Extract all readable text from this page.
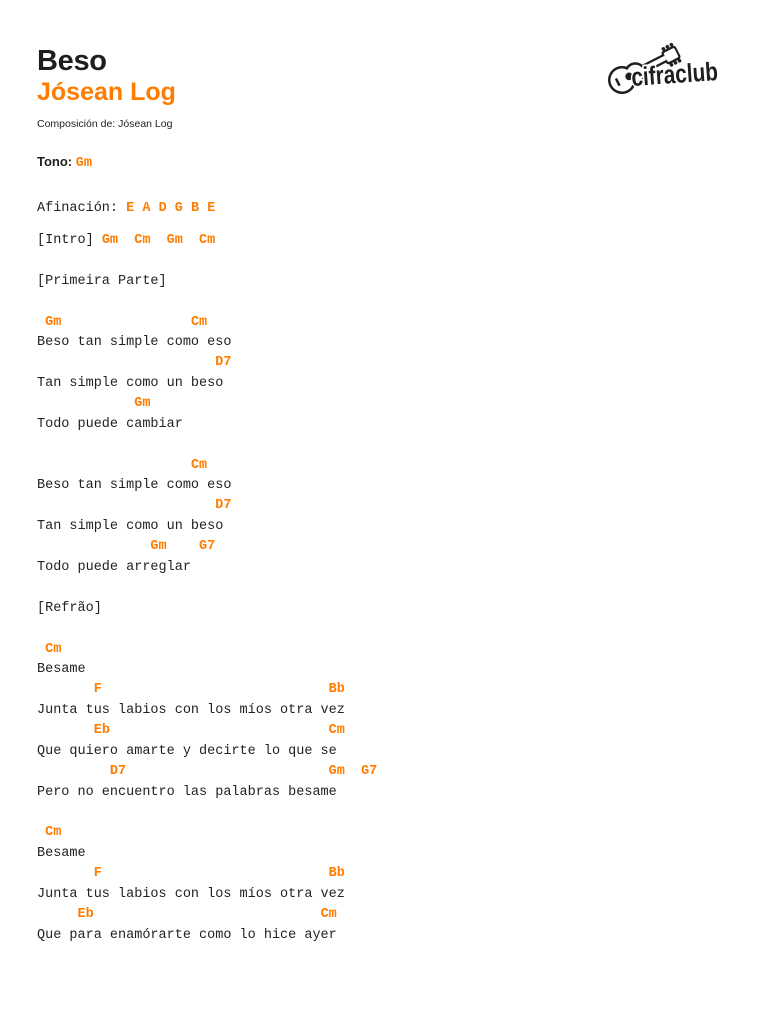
Beso
Jósean Log
Composición de: Jósean Log
cifraclub
Tono: Gm
Afinación: E A D G B E
[Intro] Gm Cm Gm Cm
[Primeira Parte]
Gm	Cm
Beso tan simple como eso
D7
Tan simple como un beso
Gm
Todo puede cambiar
Cm
Beso tan simple como eso
D7
Tan simple como un beso
Gm G7
Todo puede arreglar
[Refrão]
Cm
Besame
F	Bb
Junta tus labios con los míos otra vez
Eb	Cm
Que quiero amarte y decirte lo que se
D7	Gm G7
Pero no encuentro las palabras besame
Cm
Besame
F	Bb
Junta tus labios con los míos otra vez
Eb	Cm
Que para enamórarte como lo hice ayer
